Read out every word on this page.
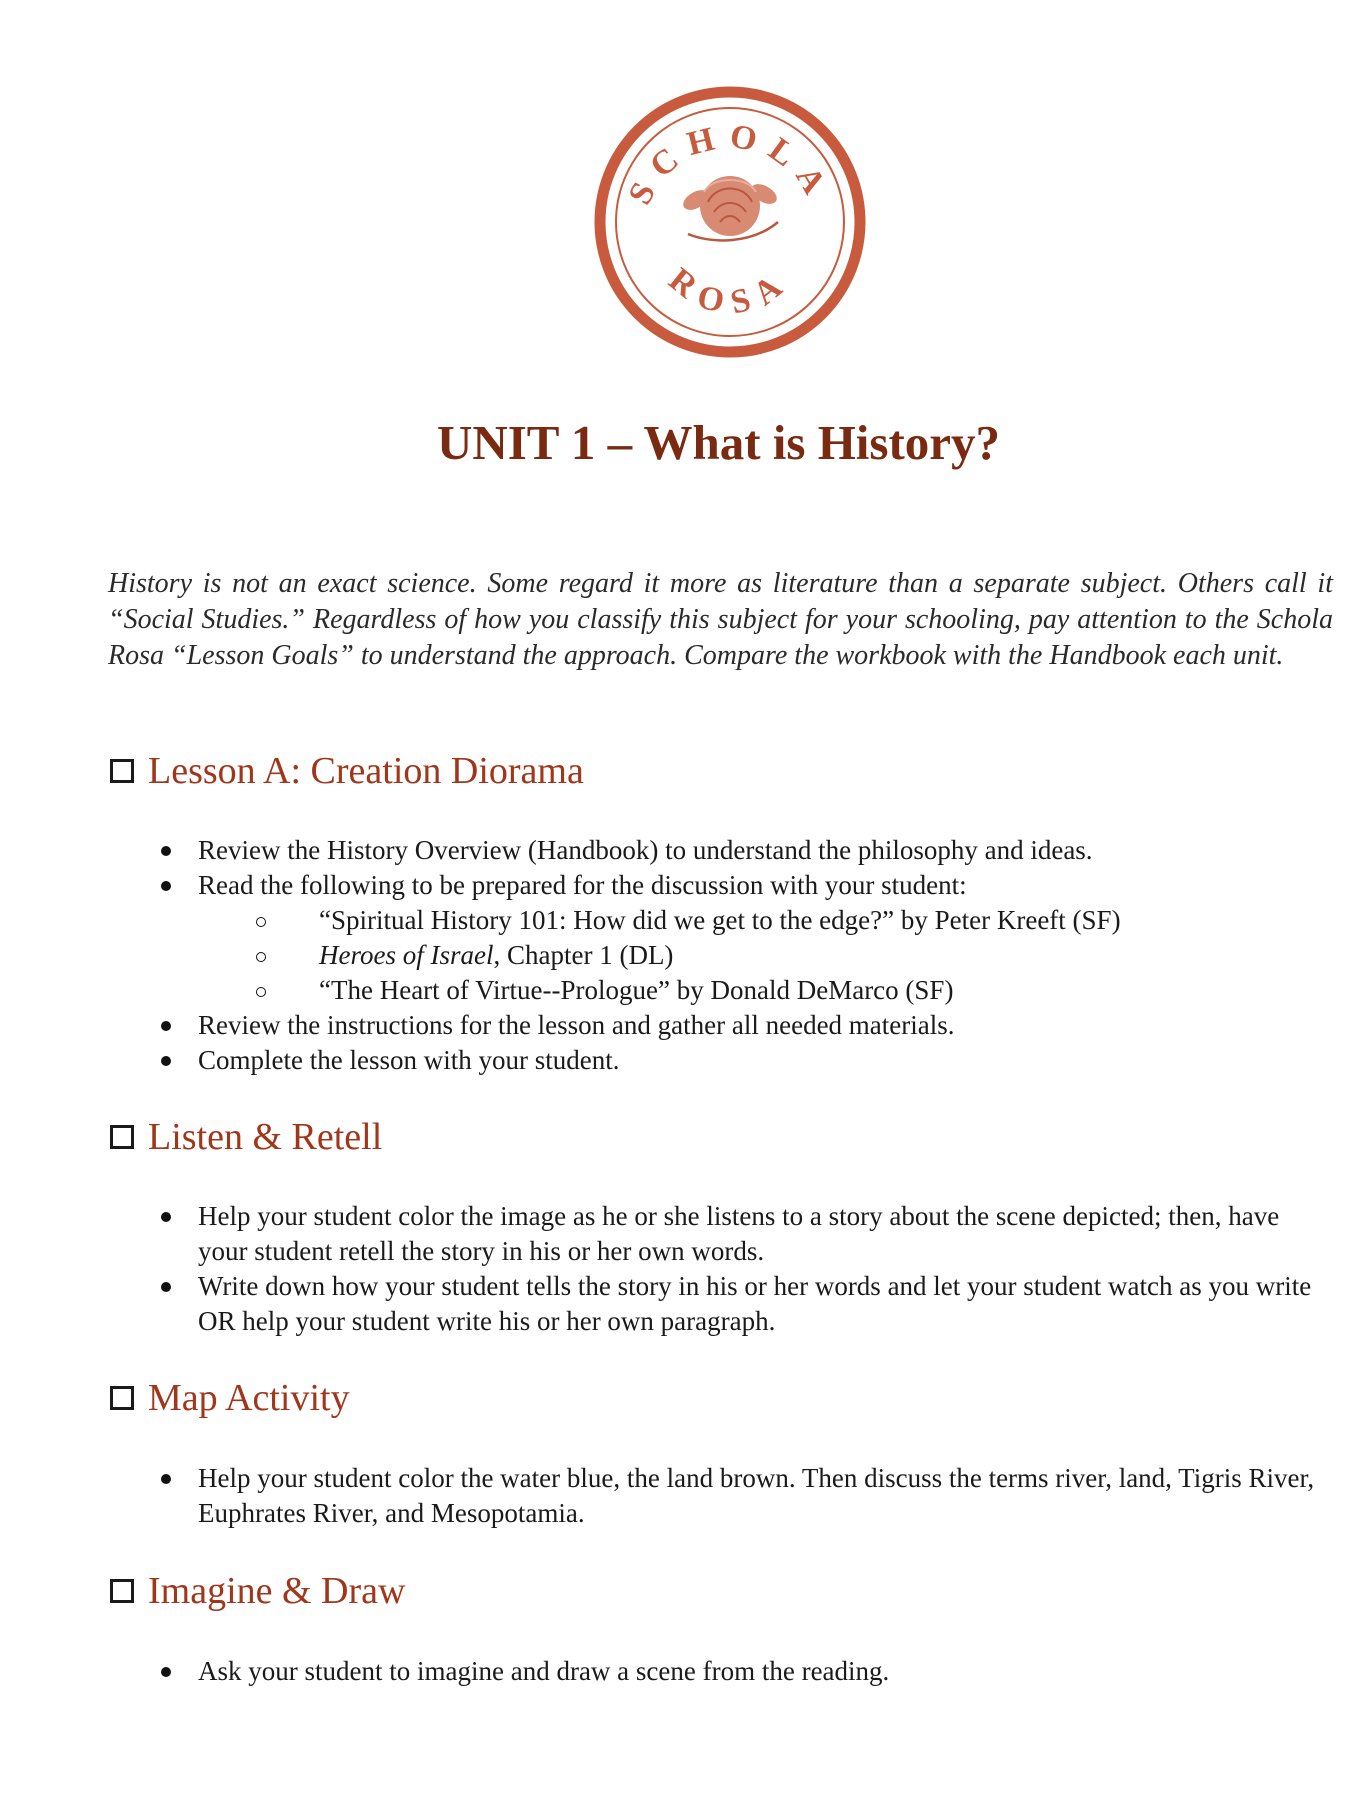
SCHOLA
ROSA
UNIT 1 – What is History?

History is not an exact science. Some regard it more as literature than a separate subject. Others call it “Social Studies.” Regardless of how you classify this subject for your schooling, pay attention to the Schola Rosa “Lesson Goals” to understand the approach. Compare the workbook with the Handbook each unit.

Lesson A: Creation Diorama
Review the History Overview (Handbook) to understand the philosophy and ideas.
Read the following to be prepared for the discussion with your student:
“Spiritual History 101: How did we get to the edge?” by Peter Kreeft (SF)
Heroes of Israel, Chapter 1 (DL)
“The Heart of Virtue--Prologue” by Donald DeMarco (SF)
Review the instructions for the lesson and gather all needed materials.
Complete the lesson with your student.
Listen & Retell
Help your student color the image as he or she listens to a story about the scene depicted; then, have your student retell the story in his or her own words.
Write down how your student tells the story in his or her words and let your student watch as you write OR help your student write his or her own paragraph.
Map Activity
Help your student color the water blue, the land brown. Then discuss the terms river, land, Tigris River, Euphrates River, and Mesopotamia.
Imagine & Draw
Ask your student to imagine and draw a scene from the reading.
